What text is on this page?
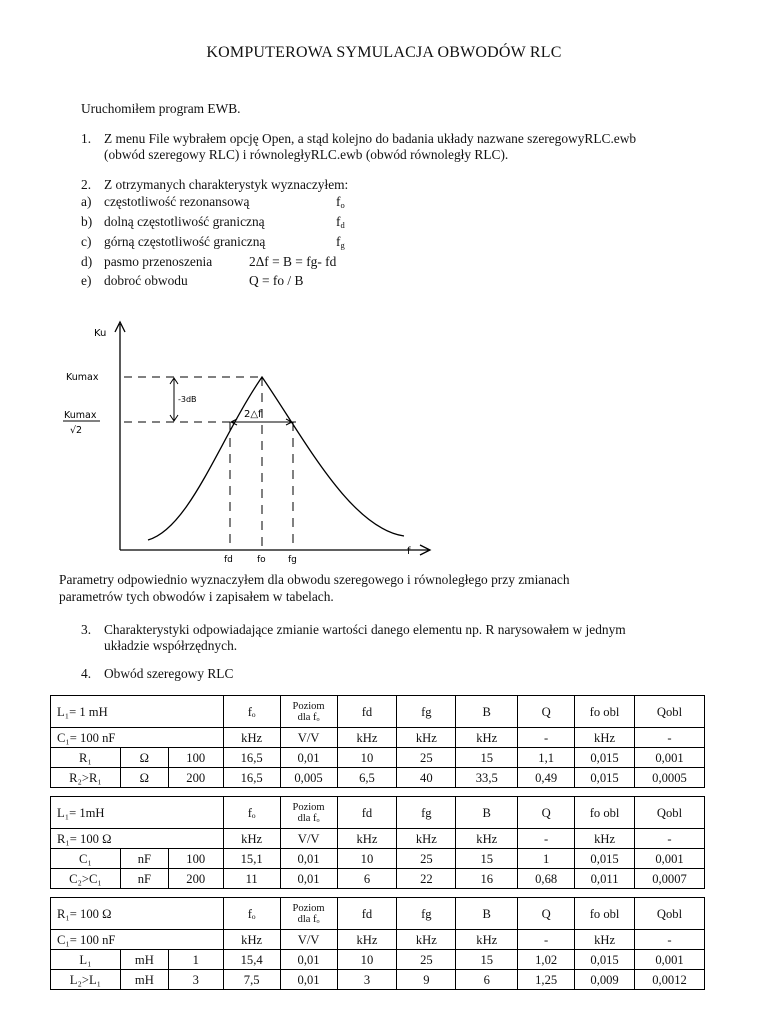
KOMPUTEROWA SYMULACJA OBWODÓW RLC
Uruchomiłem program EWB.
1. Z menu File wybrałem opcję Open, a stąd kolejno do badania układy nazwane szeregowyRLC.ewb
(obwód szeregowy RLC) i równoległyRLC.ewb (obwód równoległy RLC).
2. Z otrzymanych charakterystyk wyznaczyłem:
a) częstotliwość rezonansową	$f_o$
b) dolną częstotliwość graniczną	$f_d$
c) górną częstotliwość graniczną	$f_g$
d) pasmo przenoszenia	2Δf = B = fg- fd
e) dobroć obwodu	Q = fo / B
Ku
Kumax
Kumax
√2
-3dB
2△f
f
fd	fo fg
Parametry odpowiednio wyznaczyłem dla obwodu szeregowego i równoległego przy zmianach
parametrów tych obwodów i zapisałem w tabelach.
3. Charakterystyki odpowiadające zmianie wartości danego elementu np. R narysowałem w jednym
układzie współrzędnych.
4. Obwód szeregowy RLC
L₁= 1 mH			fₒ	Poziom
dla fₒ	fd	fg	B	Q	fo obl	Qobl
C₁= 100 nF			kHz	V/V	kHz	kHz	kHz	-	kHz	-
R₁	Ω	100	16,5	0,01	10	25	15	1,1	0,015	0,001
R₂>R₁	Ω	200	16,5	0,005	6,5	40	33,5	0,49	0,015	0,0005
L₁= 1mH			fₒ	Poziom
dla fₒ	fd	fg	B	Q	fo obl	Qobl
R₁= 100 Ω			kHz	V/V	kHz	kHz	kHz	-	kHz	-
C₁	nF	100	15,1	0,01	10	25	15	1	0,015	0,001
C₂>C₁	nF	200	11	0,01	6	22	16	0,68	0,011	0,0007
R₁= 100 Ω			fₒ	Poziom
dla fₒ	fd	fg	B	Q	fo obl	Qobl
C₁= 100 nF			kHz	V/V	kHz	kHz	kHz	-	kHz	-
L₁	mH	1	15,4	0,01	10	25	15	1,02	0,015	0,001
L₂>L₁	mH	3	7,5	0,01	3	9	6	1,25	0,009	0,0012
